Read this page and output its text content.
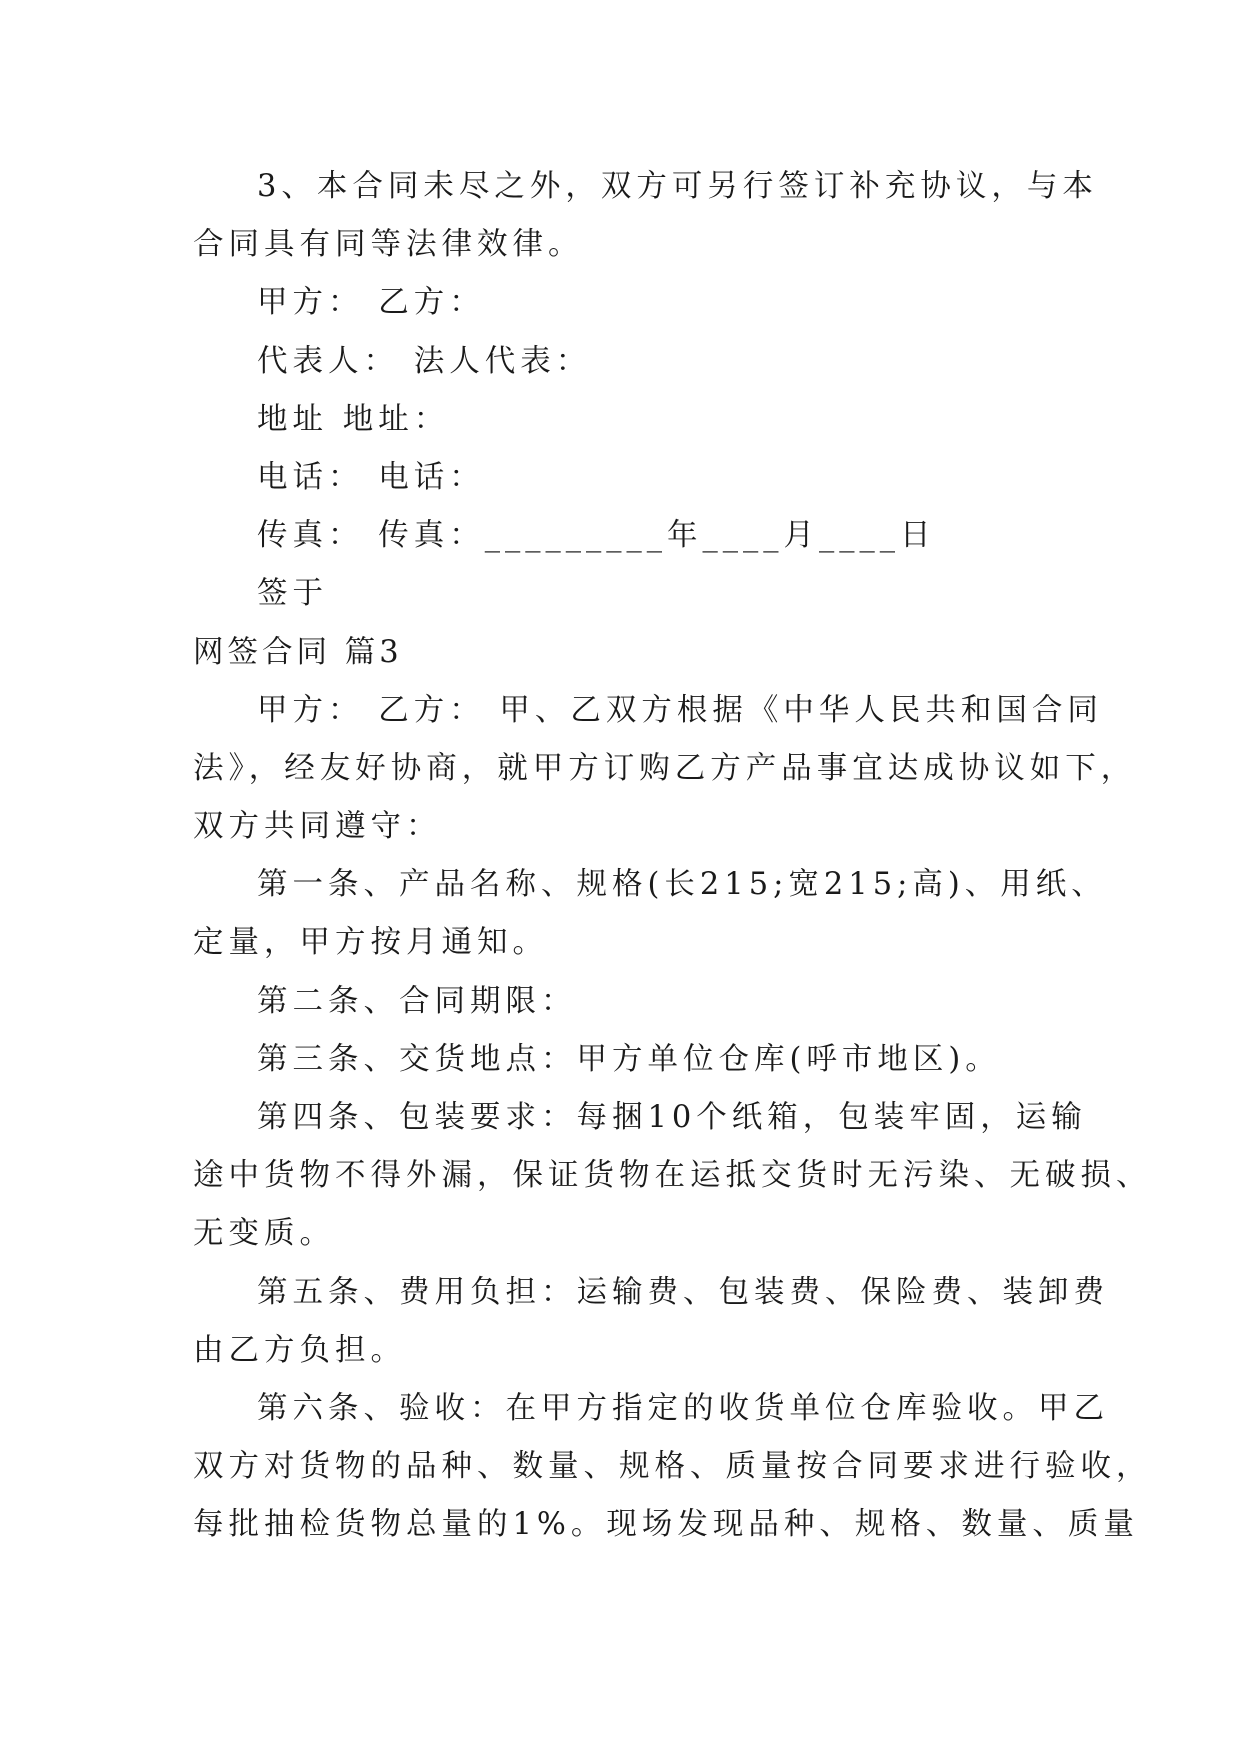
3、本合同未尽之外，双方可另行签订补充协议，与本
合同具有同等法律效律。
甲方： 乙方：
代表人： 法人代表：
地址 地址：
电话： 电话：
传真： 传真：_________年____月____日
签于
网签合同 篇3
甲方： 乙方： 甲、乙双方根据《中华人民共和国合同
法》，经友好协商，就甲方订购乙方产品事宜达成协议如下，
双方共同遵守：
第一条、产品名称、规格(长215;宽215;高)、用纸、
定量，甲方按月通知。
第二条、合同期限：
第三条、交货地点：甲方单位仓库(呼市地区)。
第四条、包装要求：每捆10个纸箱，包装牢固，运输
途中货物不得外漏，保证货物在运抵交货时无污染、无破损、
无变质。
第五条、费用负担：运输费、包装费、保险费、装卸费
由乙方负担。
第六条、验收：在甲方指定的收货单位仓库验收。甲乙
双方对货物的品种、数量、规格、质量按合同要求进行验收，
每批抽检货物总量的1%。现场发现品种、规格、数量、质量
